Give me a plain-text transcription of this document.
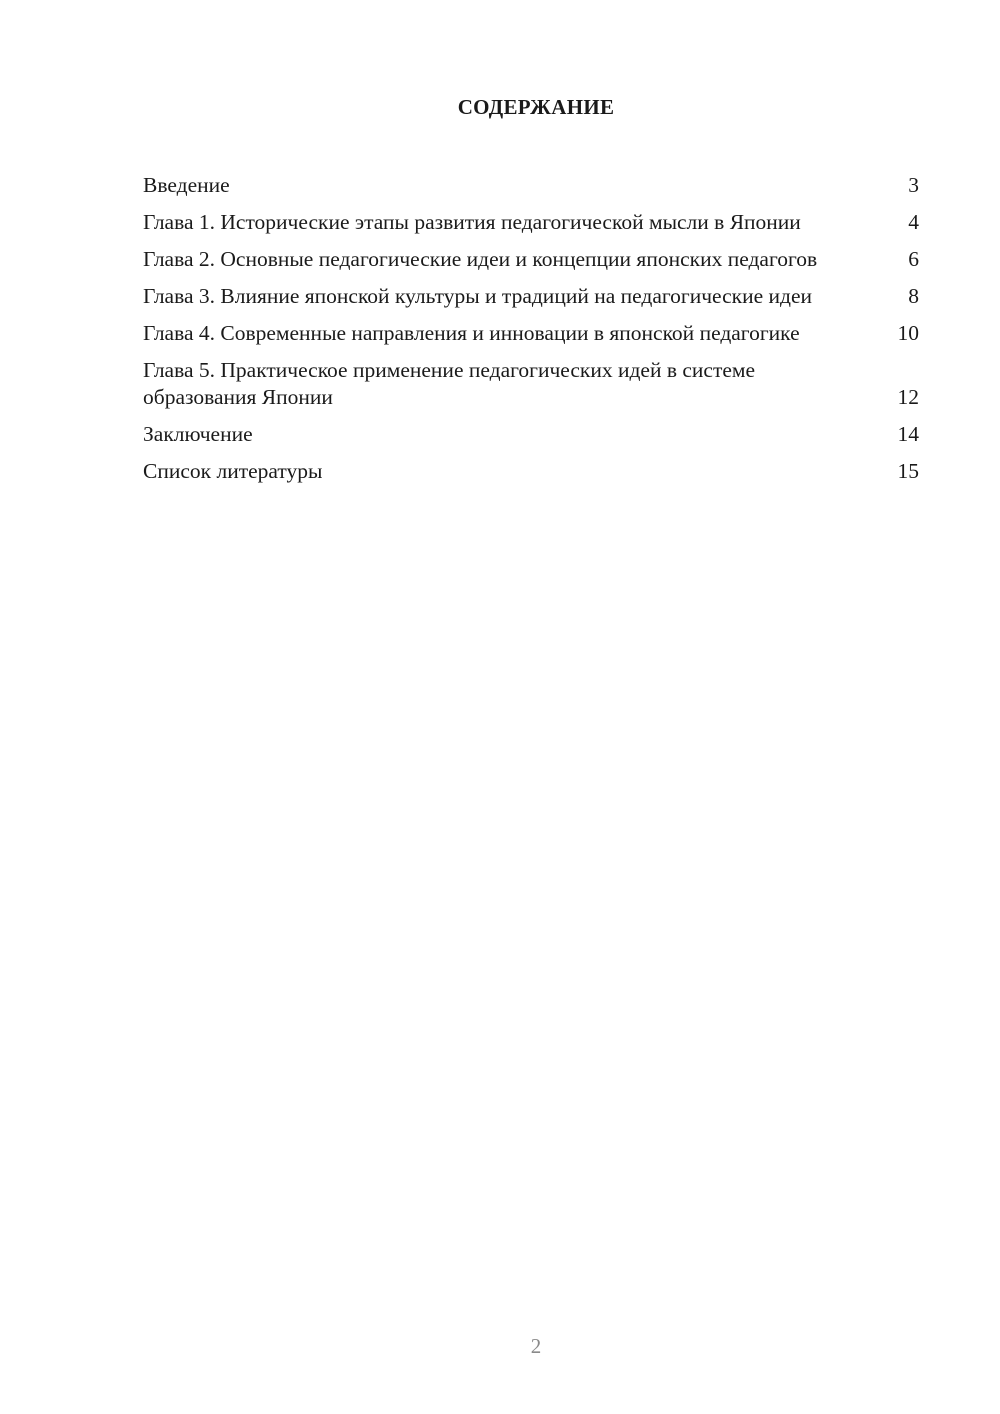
СОДЕРЖАНИЕ
Введение	3
Глава 1. Исторические этапы развития педагогической мысли в Японии	4
Глава 2. Основные педагогические идеи и концепции японских педагогов	6
Глава 3. Влияние японской культуры и традиций на педагогические идеи	8
Глава 4. Современные направления и инновации в японской педагогике	10
Глава 5. Практическое применение педагогических идей в системе образования Японии	12
Заключение	14
Список литературы	15
2
